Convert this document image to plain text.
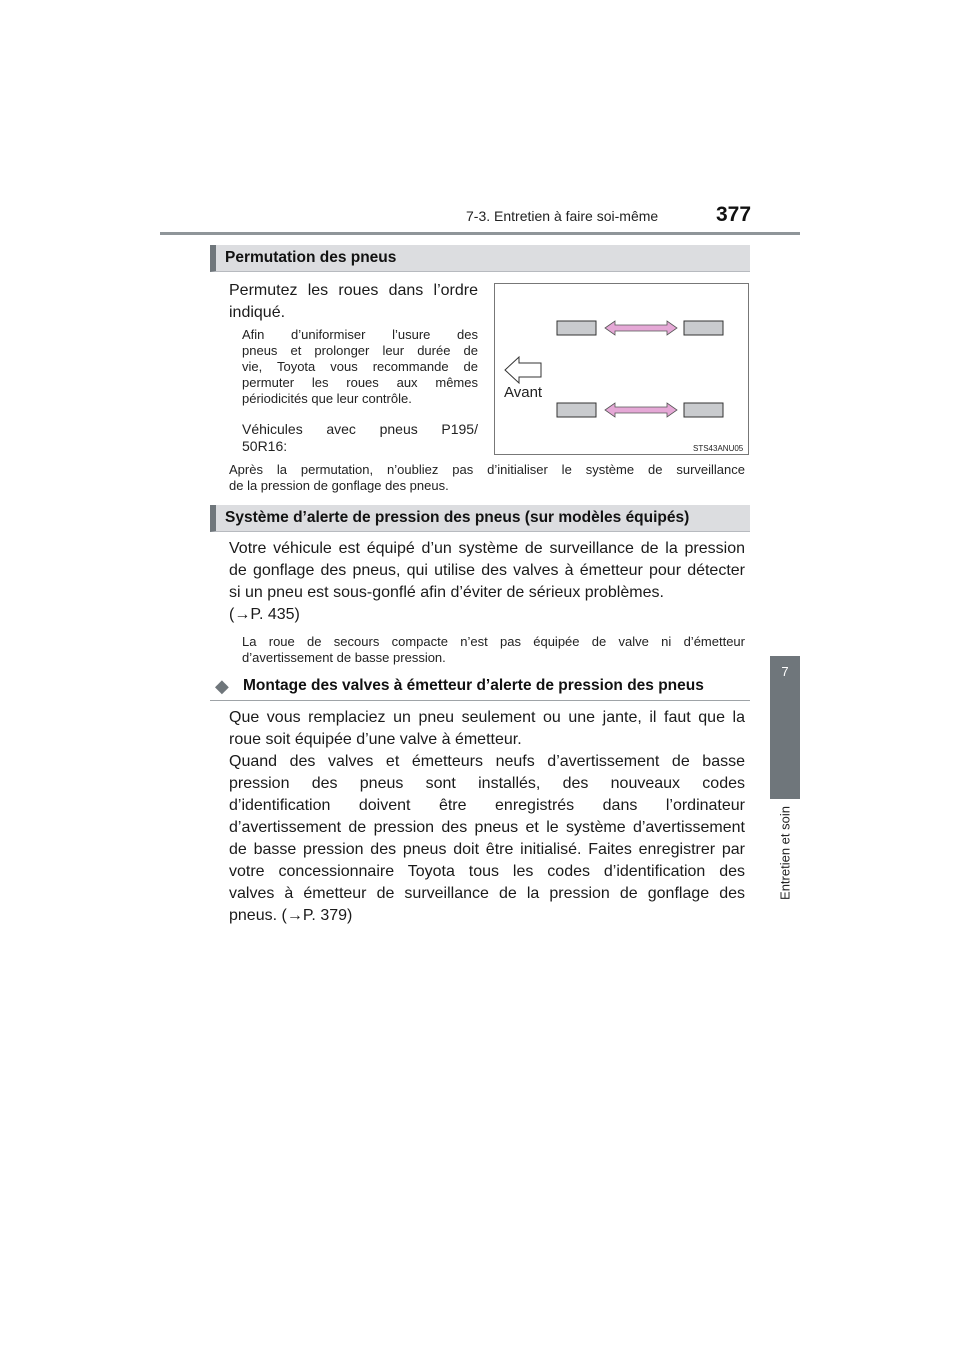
7-3. Entretien à faire soi-même	377
7
Entretien et soin
Permutation des pneus
Permutez les roues dans l’ordre
indiqué.
Afin d’uniformiser l’usure des
pneus et prolonger leur durée de
vie, Toyota vous recommande de
permuter les roues aux mêmes
périodicités que leur contrôle.
Véhicules avec pneus P195/
50R16:
Avant
STS43ANU05
Après la permutation, n’oubliez pas d’initialiser le système de surveillance
de la pression de gonflage des pneus.
Système d’alerte de pression des pneus (sur modèles équipés)
Votre véhicule est équipé d’un système de surveillance de la pression
de gonflage des pneus, qui utilise des valves à émetteur pour détecter
si un pneu est sous-gonflé afin d’éviter de sérieux problèmes.
(→P. 435)
La roue de secours compacte n’est pas équipée de valve ni d’émetteur
d’avertissement de basse pression.
◆ Montage des valves à émetteur d’alerte de pression des pneus
Que vous remplaciez un pneu seulement ou une jante, il faut que la
roue soit équipée d’une valve à émetteur.
Quand des valves et émetteurs neufs d’avertissement de basse
pression des pneus sont installés, des nouveaux codes
d’identification doivent être enregistrés dans l’ordinateur
d’avertissement de pression des pneus et le système d’avertissement
de basse pression des pneus doit être initialisé. Faites enregistrer par
votre concessionnaire Toyota tous les codes d’identification des
valves à émetteur de surveillance de la pression de gonflage des
pneus. (→P. 379)
